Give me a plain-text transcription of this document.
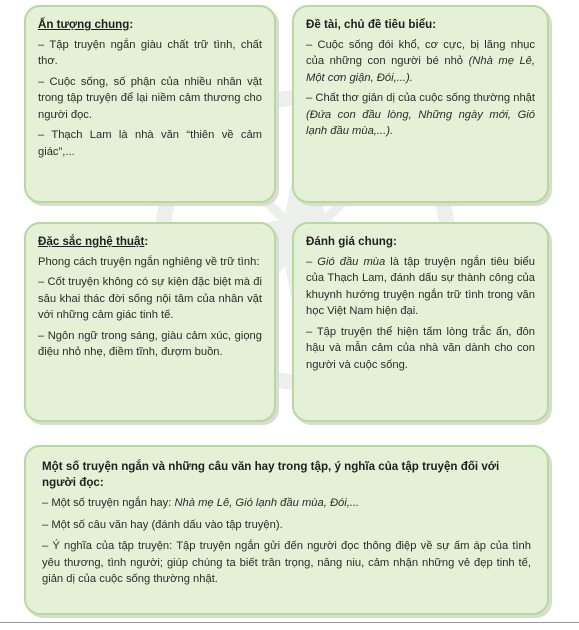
Ấn tượng chung:

– Tập truyện ngắn giàu chất trữ tình, chất thơ.

– Cuộc sống, số phận của nhiều nhân vật trong tập truyện để lại niềm cảm thương cho người đọc.

– Thạch Lam là nhà văn “thiên về cảm giác”,...

Đề tài, chủ đề tiêu biểu:

– Cuộc sống đói khổ, cơ cực, bị lăng nhục của những con người bé nhỏ (Nhà mẹ Lê, Một cơn giận, Đói,...).

– Chất thơ giản dị của cuộc sống thường nhật (Đứa con đầu lòng, Những ngày mới, Gió lạnh đầu mùa,...).

Đặc sắc nghệ thuật:

Phong cách truyện ngắn nghiêng về trữ tình:

– Cốt truyện không có sự kiện đặc biệt mà đi sâu khai thác đời sống nội tâm của nhân vật với những cảm giác tinh tế.

– Ngôn ngữ trong sáng, giàu cảm xúc, giọng điệu nhỏ nhẹ, điềm tĩnh, đượm buồn.

Đánh giá chung:

– Gió đầu mùa là tập truyện ngắn tiêu biểu của Thạch Lam, đánh dấu sự thành công của khuynh hướng truyện ngắn trữ tình trong văn học Việt Nam hiện đại.

– Tập truyện thể hiện tấm lòng trắc ẩn, đôn hậu và mẫn cảm của nhà văn dành cho con người và cuộc sống.

Một số truyện ngắn và những câu văn hay trong tập, ý nghĩa của tập truyện đối với người đọc:

– Một số truyện ngắn hay: Nhà mẹ Lê, Gió lạnh đầu mùa, Đói,...

– Một số câu văn hay (đánh dấu vào tập truyện).

– Ý nghĩa của tập truyện: Tập truyện ngắn gửi đến người đọc thông điệp về sự ấm áp của tình yêu thương, tình người; giúp chúng ta biết trân trọng, nâng niu, cảm nhận những vẻ đẹp tinh tế, giản dị của cuộc sống thường nhật.
